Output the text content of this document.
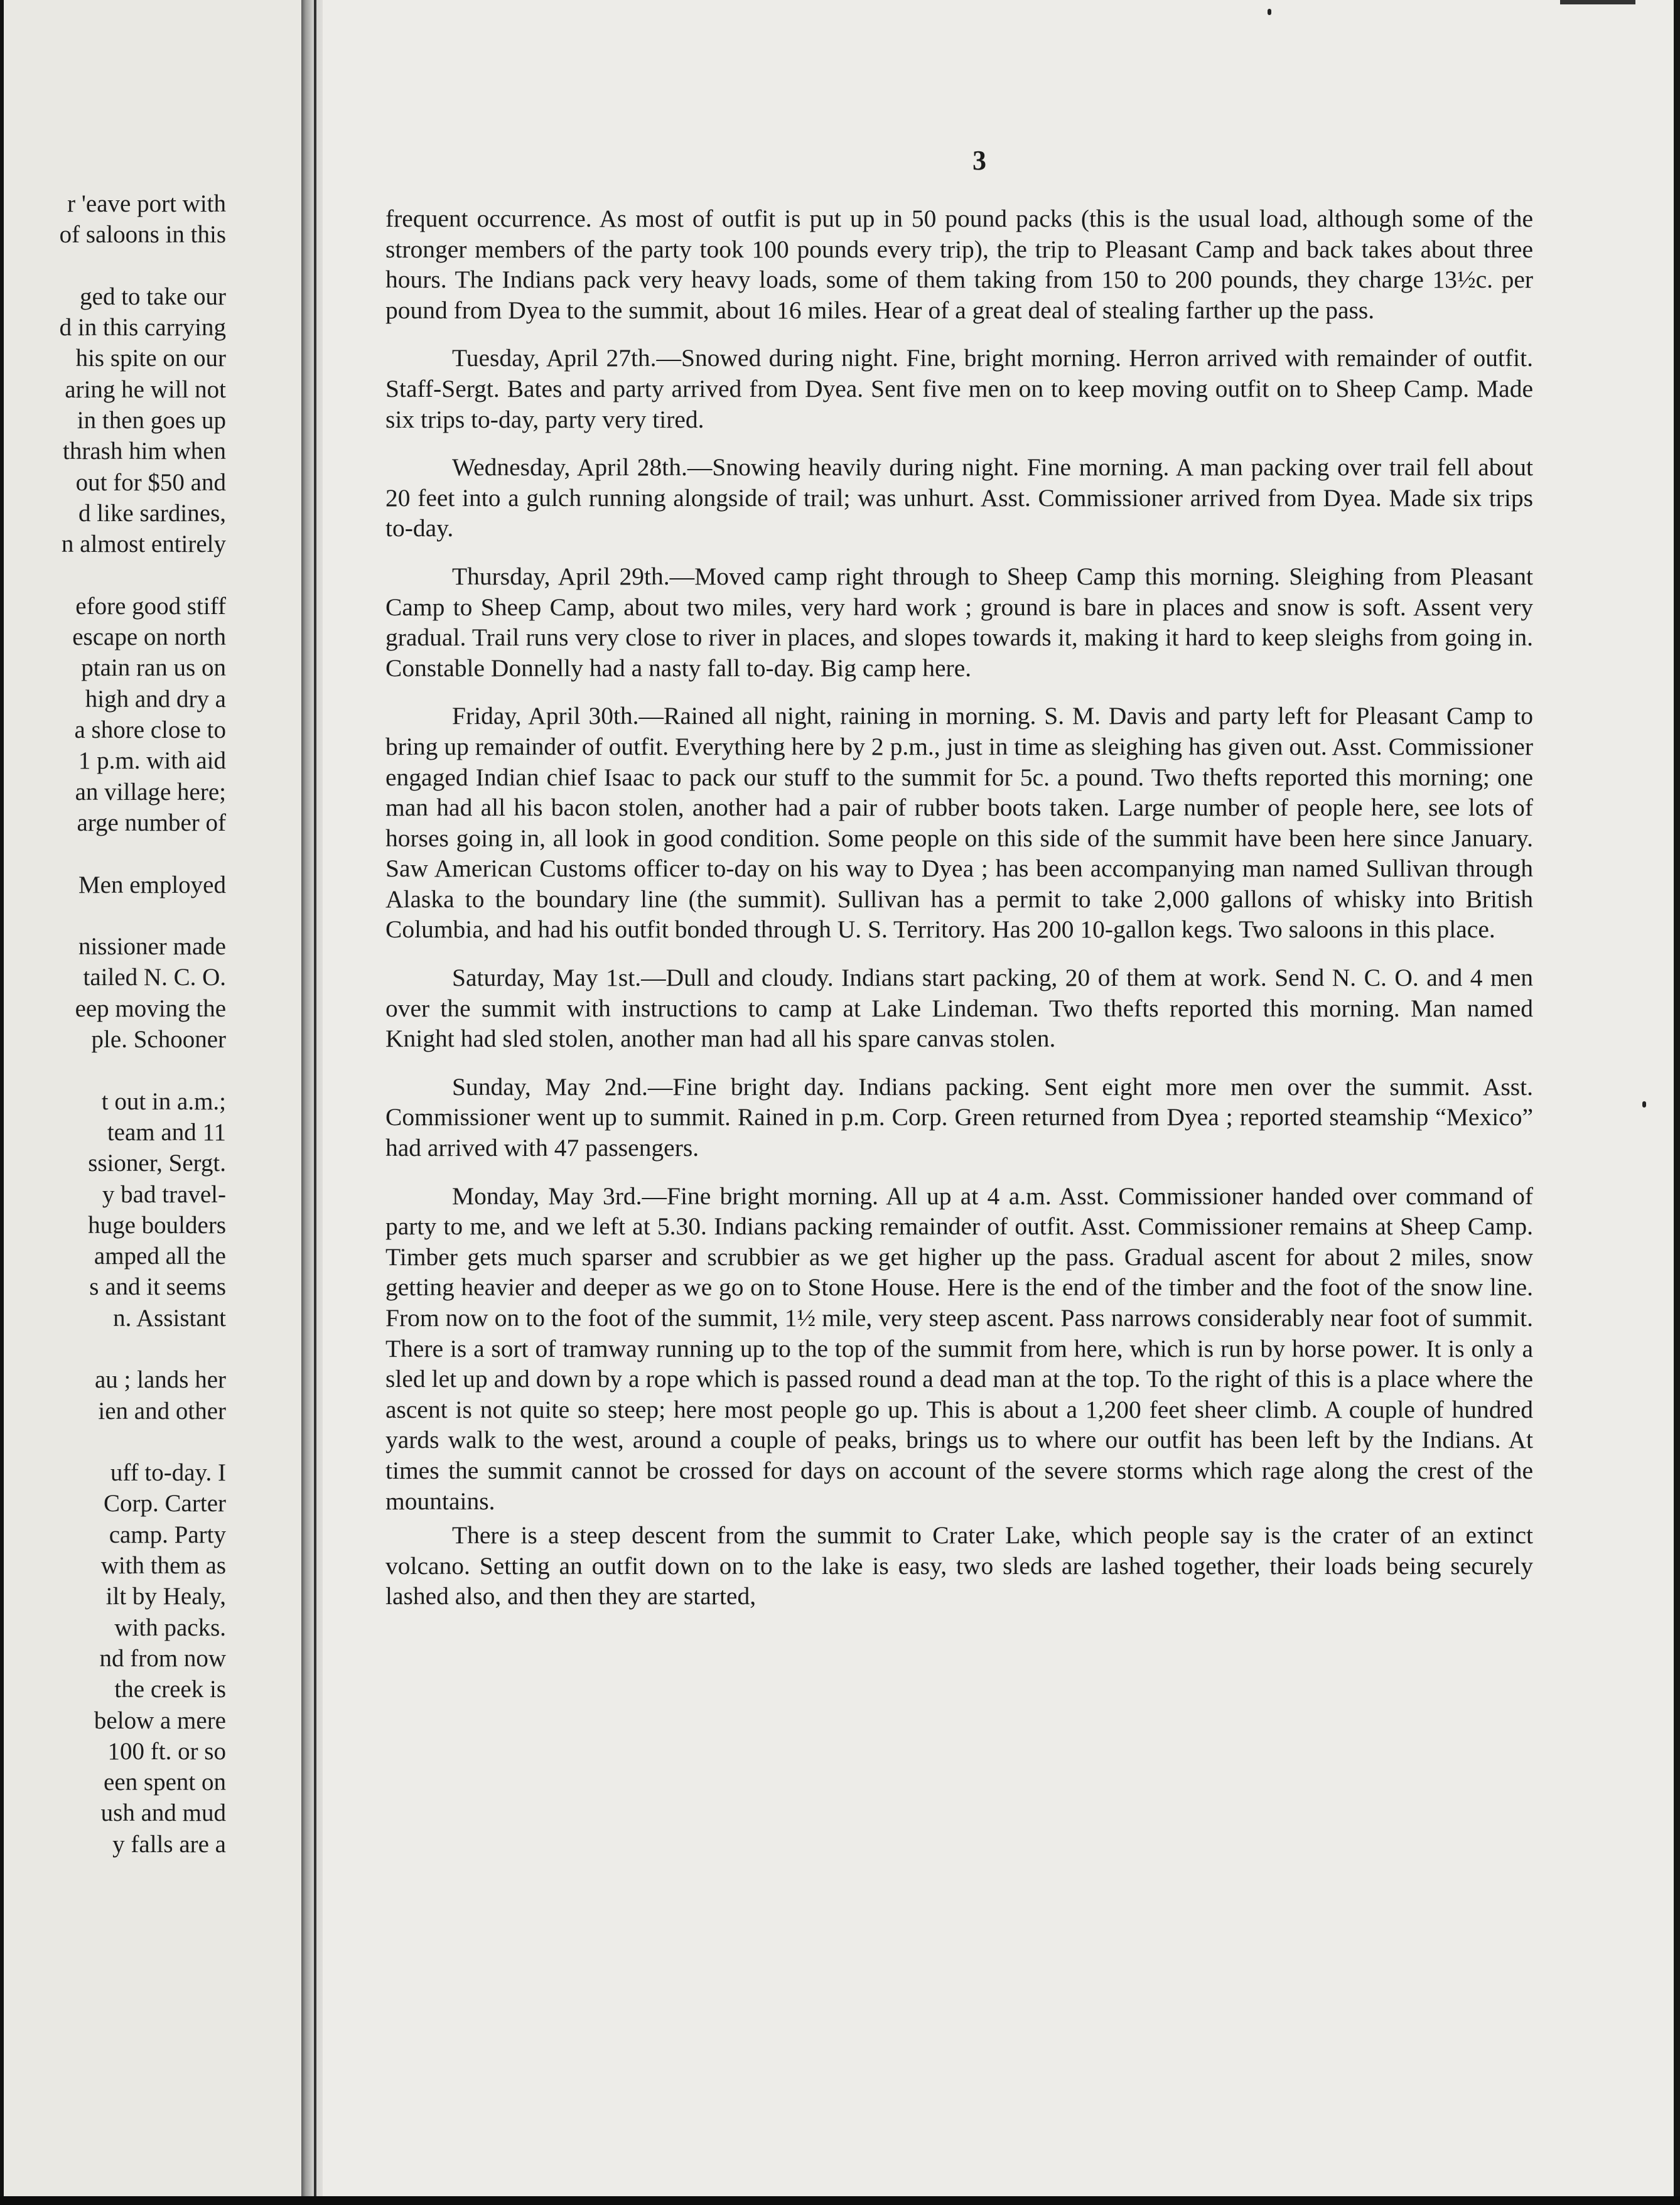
r 'eave port with
of saloons in this
ged to take our
d in this carrying
his spite on our
aring he will not
in then goes up
thrash him when
out for $50 and
d like sardines,
n almost entirely
efore good stiff
escape on north
ptain ran us on
high and dry a
a shore close to
1 p.m. with aid
an village here;
arge number of
Men employed
nissioner made
tailed N. C. O.
eep moving the
ple. Schooner
t out in a.m.;
team and 11
ssioner, Sergt.
y bad travel-
huge boulders
amped all the
s and it seems
n. Assistant
au ; lands her
ien and other
uff to-day. I
Corp. Carter
camp. Party
with them as
ilt by Healy,
with packs.
nd from now
the creek is
below a mere
100 ft. or so
een spent on
ush and mud
y falls are a
3

frequent occurrence. As most of outfit is put up in 50 pound packs (this is the usual load, although some of the stronger members of the party took 100 pounds every trip), the trip to Pleasant Camp and back takes about three hours. The Indians pack very heavy loads, some of them taking from 150 to 200 pounds, they charge 13½c. per pound from Dyea to the summit, about 16 miles. Hear of a great deal of stealing farther up the pass.

Tuesday, April 27th.—Snowed during night. Fine, bright morning. Herron arrived with remainder of outfit. Staff-Sergt. Bates and party arrived from Dyea. Sent five men on to keep moving outfit on to Sheep Camp. Made six trips to-day, party very tired.

Wednesday, April 28th.—Snowing heavily during night. Fine morning. A man packing over trail fell about 20 feet into a gulch running alongside of trail; was unhurt. Asst. Commissioner arrived from Dyea. Made six trips to-day.

Thursday, April 29th.—Moved camp right through to Sheep Camp this morning. Sleighing from Pleasant Camp to Sheep Camp, about two miles, very hard work ; ground is bare in places and snow is soft. Assent very gradual. Trail runs very close to river in places, and slopes towards it, making it hard to keep sleighs from going in. Constable Donnelly had a nasty fall to-day. Big camp here.

Friday, April 30th.—Rained all night, raining in morning. S. M. Davis and party left for Pleasant Camp to bring up remainder of outfit. Everything here by 2 p.m., just in time as sleighing has given out. Asst. Commissioner engaged Indian chief Isaac to pack our stuff to the summit for 5c. a pound. Two thefts reported this morning; one man had all his bacon stolen, another had a pair of rubber boots taken. Large number of people here, see lots of horses going in, all look in good condition. Some people on this side of the summit have been here since January. Saw American Customs officer to-day on his way to Dyea ; has been accompanying man named Sullivan through Alaska to the boundary line (the summit). Sullivan has a permit to take 2,000 gallons of whisky into British Columbia, and had his outfit bonded through U. S. Territory. Has 200 10-gallon kegs. Two saloons in this place.

Saturday, May 1st.—Dull and cloudy. Indians start packing, 20 of them at work. Send N. C. O. and 4 men over the summit with instructions to camp at Lake Lindeman. Two thefts reported this morning. Man named Knight had sled stolen, another man had all his spare canvas stolen.

Sunday, May 2nd.—Fine bright day. Indians packing. Sent eight more men over the summit. Asst. Commissioner went up to summit. Rained in p.m. Corp. Green returned from Dyea ; reported steamship “Mexico” had arrived with 47 passengers.

Monday, May 3rd.—Fine bright morning. All up at 4 a.m. Asst. Commissioner handed over command of party to me, and we left at 5.30. Indians packing remainder of outfit. Asst. Commissioner remains at Sheep Camp. Timber gets much sparser and scrubbier as we get higher up the pass. Gradual ascent for about 2 miles, snow getting heavier and deeper as we go on to Stone House. Here is the end of the timber and the foot of the snow line. From now on to the foot of the summit, 1½ mile, very steep ascent. Pass narrows considerably near foot of summit. There is a sort of tramway running up to the top of the summit from here, which is run by horse power. It is only a sled let up and down by a rope which is passed round a dead man at the top. To the right of this is a place where the ascent is not quite so steep; here most people go up. This is about a 1,200 feet sheer climb. A couple of hundred yards walk to the west, around a couple of peaks, brings us to where our outfit has been left by the Indians. At times the summit cannot be crossed for days on account of the severe storms which rage along the crest of the mountains.

There is a steep descent from the summit to Crater Lake, which people say is the crater of an extinct volcano. Setting an outfit down on to the lake is easy, two sleds are lashed together, their loads being securely lashed also, and then they are started,
